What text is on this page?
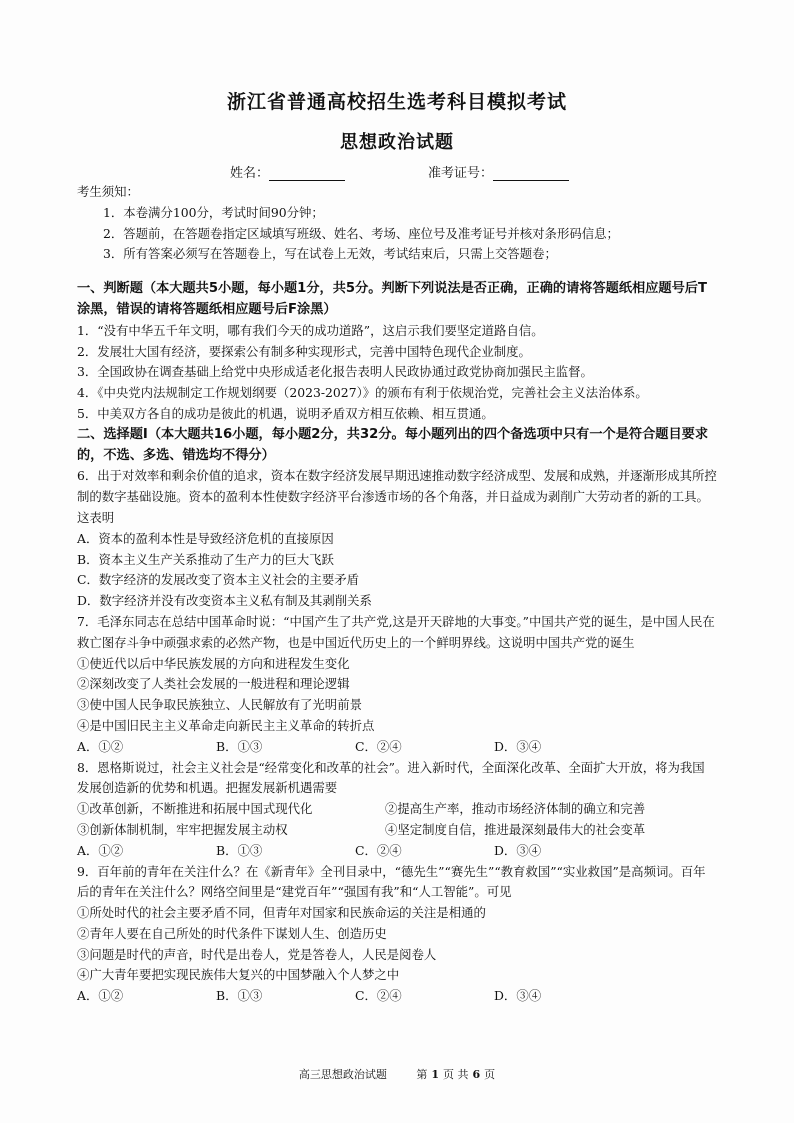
浙江省普通高校招生选考科目模拟考试
思想政治试题
姓名：	准考证号：

考生须知：

1．本卷满分100分，考试时间90分钟；

2．答题前，在答题卷指定区域填写班级、姓名、考场、座位号及准考证号并核对条形码信息；

3．所有答案必须写在答题卷上，写在试卷上无效，考试结束后，只需上交答题卷；

一、判断题（本大题共5小题，每小题1分，共5分。判断下列说法是否正确，正确的请将答题纸相应题号后T涂黑，错误的请将答题纸相应题号后F涂黑）

1．“没有中华五千年文明，哪有我们今天的成功道路”，这启示我们要坚定道路自信。

2．发展壮大国有经济，要探索公有制多种实现形式，完善中国特色现代企业制度。

3．全国政协在调查基础上给党中央形成适老化报告表明人民政协通过政党协商加强民主监督。

4．《中央党内法规制定工作规划纲要（2023-2027）》的颁布有利于依规治党，完善社会主义法治体系。

5．中美双方各自的成功是彼此的机遇，说明矛盾双方相互依赖、相互贯通。

二、选择题Ⅰ（本大题共16小题，每小题2分，共32分。每小题列出的四个备选项中只有一个是符合题目要求的，不选、多选、错选均不得分）

6．出于对效率和剩余价值的追求，资本在数字经济发展早期迅速推动数字经济成型、发展和成熟，并逐渐形成其所控制的数字基础设施。资本的盈利本性使数字经济平台渗透市场的各个角落，并日益成为剥削广大劳动者的新的工具。这表明

A．资本的盈利本性是导致经济危机的直接原因

B．资本主义生产关系推动了生产力的巨大飞跃

C．数字经济的发展改变了资本主义社会的主要矛盾

D．数字经济并没有改变资本主义私有制及其剥削关系

7．毛泽东同志在总结中国革命时说：“中国产生了共产党,这是开天辟地的大事变。”中国共产党的诞生，是中国人民在救亡图存斗争中顽强求索的必然产物，也是中国近代历史上的一个鲜明界线。这说明中国共产党的诞生

①使近代以后中华民族发展的方向和进程发生变化

②深刻改变了人类社会发展的一般进程和理论逻辑

③使中国人民争取民族独立、人民解放有了光明前景

④是中国旧民主主义革命走向新民主主义革命的转折点

A．①②	B．①③	C．②④	D．③④

8．恩格斯说过，社会主义社会是“经常变化和改革的社会”。进入新时代，全面深化改革、全面扩大开放，将为我国发展创造新的优势和机遇。把握发展新机遇需要

①改革创新，不断推进和拓展中国式现代化	②提高生产率，推动市场经济体制的确立和完善
③创新体制机制，牢牢把握发展主动权	④坚定制度自信，推进最深刻最伟大的社会变革
A．①②	B．①③	C．②④	D．③④

9．百年前的青年在关注什么？在《新青年》全刊目录中，“德先生”“赛先生”“教育救国”“实业救国”是高频词。百年后的青年在关注什么？网络空间里是“建党百年”“强国有我”和“人工智能”。可见

①所处时代的社会主要矛盾不同，但青年对国家和民族命运的关注是相通的

②青年人要在自己所处的时代条件下谋划人生、创造历史

③问题是时代的声音，时代是出卷人，党是答卷人，人民是阅卷人

④广大青年要把实现民族伟大复兴的中国梦融入个人梦之中

A．①②	B．①③	C．②④	D．③④
高三思想政治试题	第 1 页 共 6 页
